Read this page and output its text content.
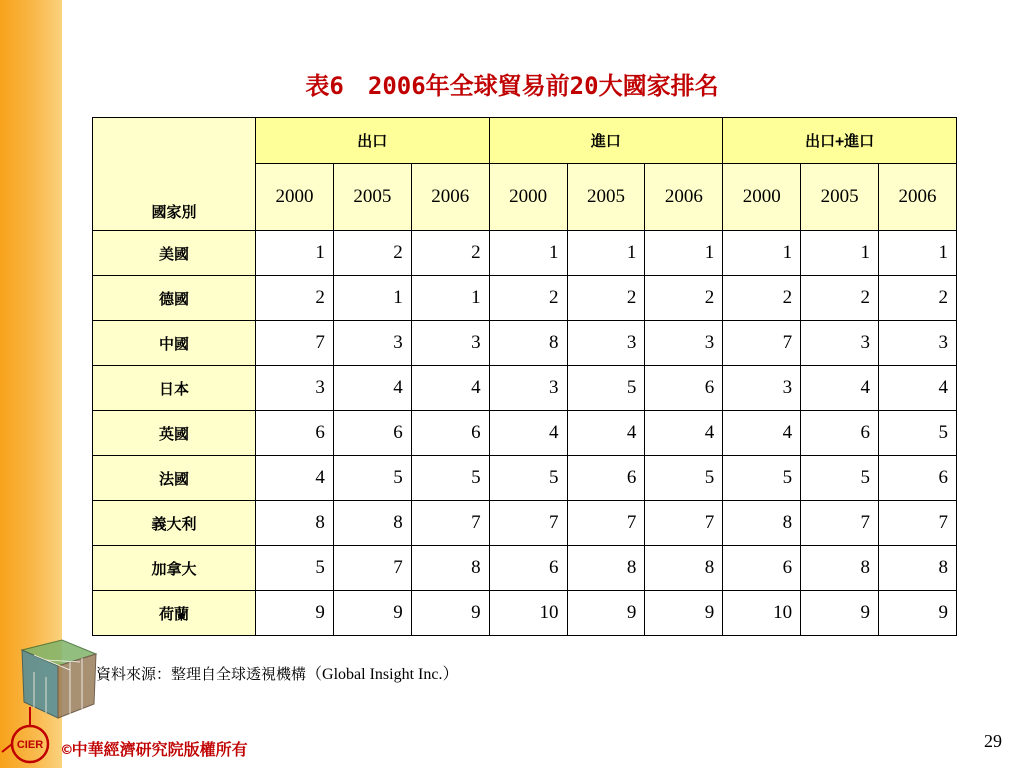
CIER
表6　2006年全球貿易前20大國家排名
國家別	出口			進口			出口+進口		
	2000	2005	2006	2000	2005	2006	2000	2005	2006
美國	1	2	2	1	1	1	1	1	1
德國	2	1	1	2	2	2	2	2	2
中國	7	3	3	8	3	3	7	3	3
日本	3	4	4	3	5	6	3	4	4
英國	6	6	6	4	4	4	4	6	5
法國	4	5	5	5	6	5	5	5	6
義大利	8	8	7	7	7	7	8	7	7
加拿大	5	7	8	6	8	8	6	8	8
荷蘭	9	9	9	10	9	9	10	9	9
資料來源：整理自全球透視機構（Global Insight Inc.）
©中華經濟研究院版權所有	29
